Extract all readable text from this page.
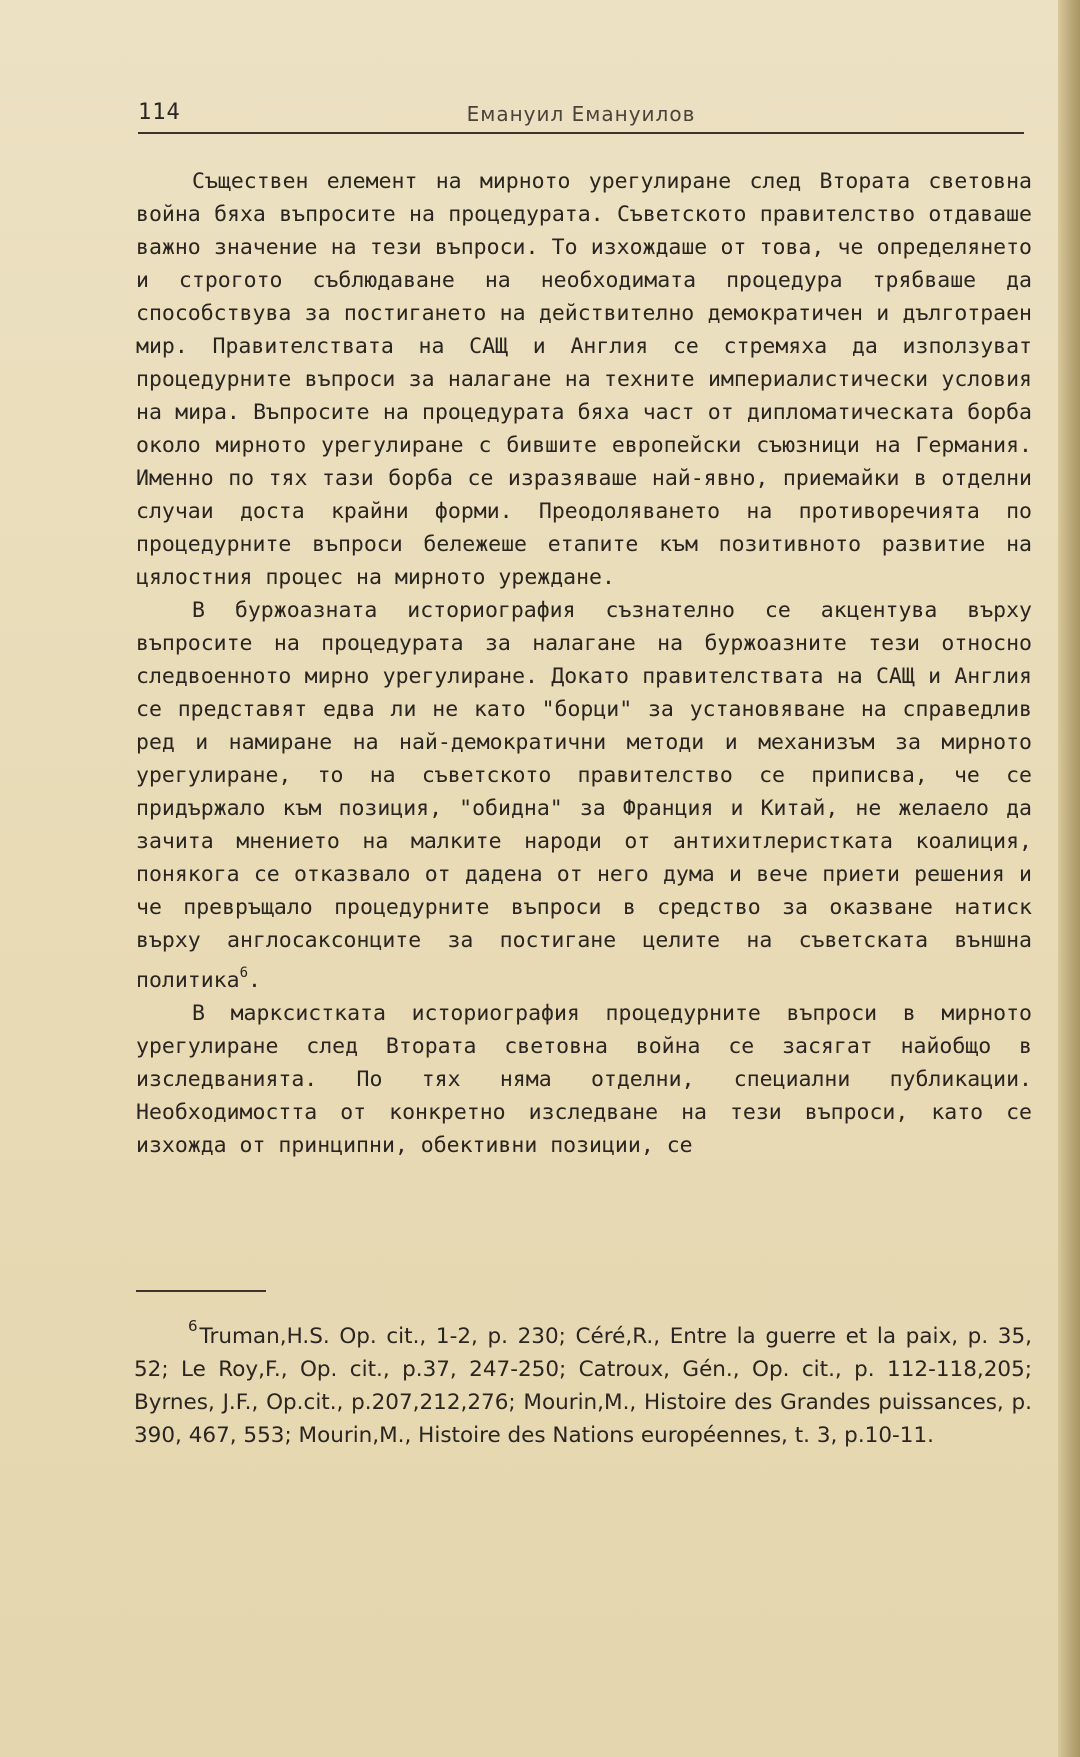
114	Емануил Емануилов

Съществен елемент на мирното урегулиране след Втората световна война бяха въпросите на процедурата. Съветското правителство отдаваше важно значение на тези въпроси. То изхождаше от това, че определянето и строгото съблюдаване на необходимата процедура трябваше да способствува за постигането на действително демократичен и дълготраен мир. Правителствата на САЩ и Англия се стремяха да използуват процедурните въпроси за налагане на техните империалистически условия на мира. Въпросите на процедурата бяха част от дипломатическата борба около мирното урегулиране с бившите европейски съюзници на Германия. Именно по тях тази борба се изразяваше най-явно, приемайки в отделни случаи доста крайни форми. Преодоляването на противоречията по процедурните въпроси бележеше етапите към позитивното развитие на цялостния процес на мирното уреждане.

В буржоазната историография съзнателно се акцентува върху въпросите на процедурата за налагане на буржоазните тези относно следвоенното мирно урегулиране. Докато правителствата на САЩ и Англия се представят едва ли не като "борци" за установяване на справедлив ред и намиране на най-демократични методи и механизъм за мирното урегулиране, то на съветското правителство се приписва, че се придържало към позиция, "обидна" за Франция и Китай, не желаело да зачита мнението на малките народи от антихитлеристката коалиция, понякога се отказвало от дадена от него дума и вече приети решения и че превръщало процедурните въпроси в средство за оказване натиск върху англосаксонците за постигане целите на съветската външна политика$^6$.

В марксистката историография процедурните въпроси в мирното урегулиране след Втората световна война се засягат найобщо в изследванията. По тях няма отделни, специални публикации. Необходимостта от конкретно изследване на тези въпроси, като се изхожда от принципни, обективни позиции, се

$^6$Truman,H.S. Op. cit., 1-2, p. 230; Céré,R., Entre la guerre et la paix, p. 35, 52; Le Roy,F., Op. cit., p.37, 247-250; Catroux, Gén., Op. cit., p. 112-118,205; Byrnes, J.F., Op.cit., p.207,212,276; Mourin,M., Histoire des Grandes puissances, p. 390, 467, 553; Mourin,M., Histoire des Nations européennes, t. 3, p.10-11.
